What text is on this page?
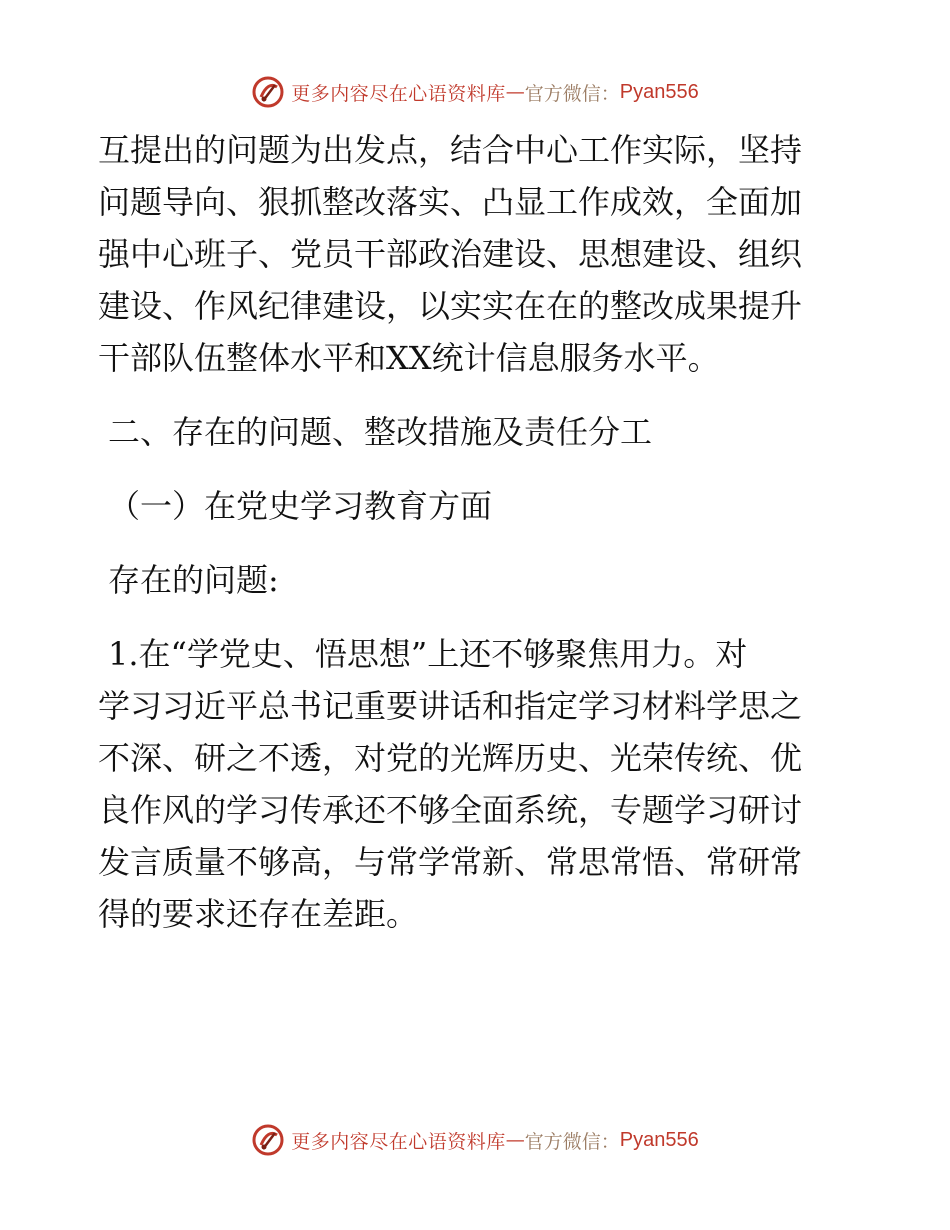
更多内容尽在心语资料库 — 官方微信： Pyan556
互提出的问题为出发点，结合中心工作实际，坚持
问题导向、狠抓整改落实、凸显工作成效，全面加
强中心班子、党员干部政治建设、思想建设、组织
建设、作风纪律建设，以实实在在的整改成果提升
干部队伍整体水平和XX统计信息服务水平。
二、存在的问题、整改措施及责任分工
（一）在党史学习教育方面
存在的问题:
1.在“学党史、悟思想”上还不够聚焦用力。对
学习习近平总书记重要讲话和指定学习材料学思之
不深、研之不透，对党的光辉历史、光荣传统、优
良作风的学习传承还不够全面系统，专题学习研讨
发言质量不够高，与常学常新、常思常悟、常研常
得的要求还存在差距。
更多内容尽在心语资料库 — 官方微信： Pyan556
